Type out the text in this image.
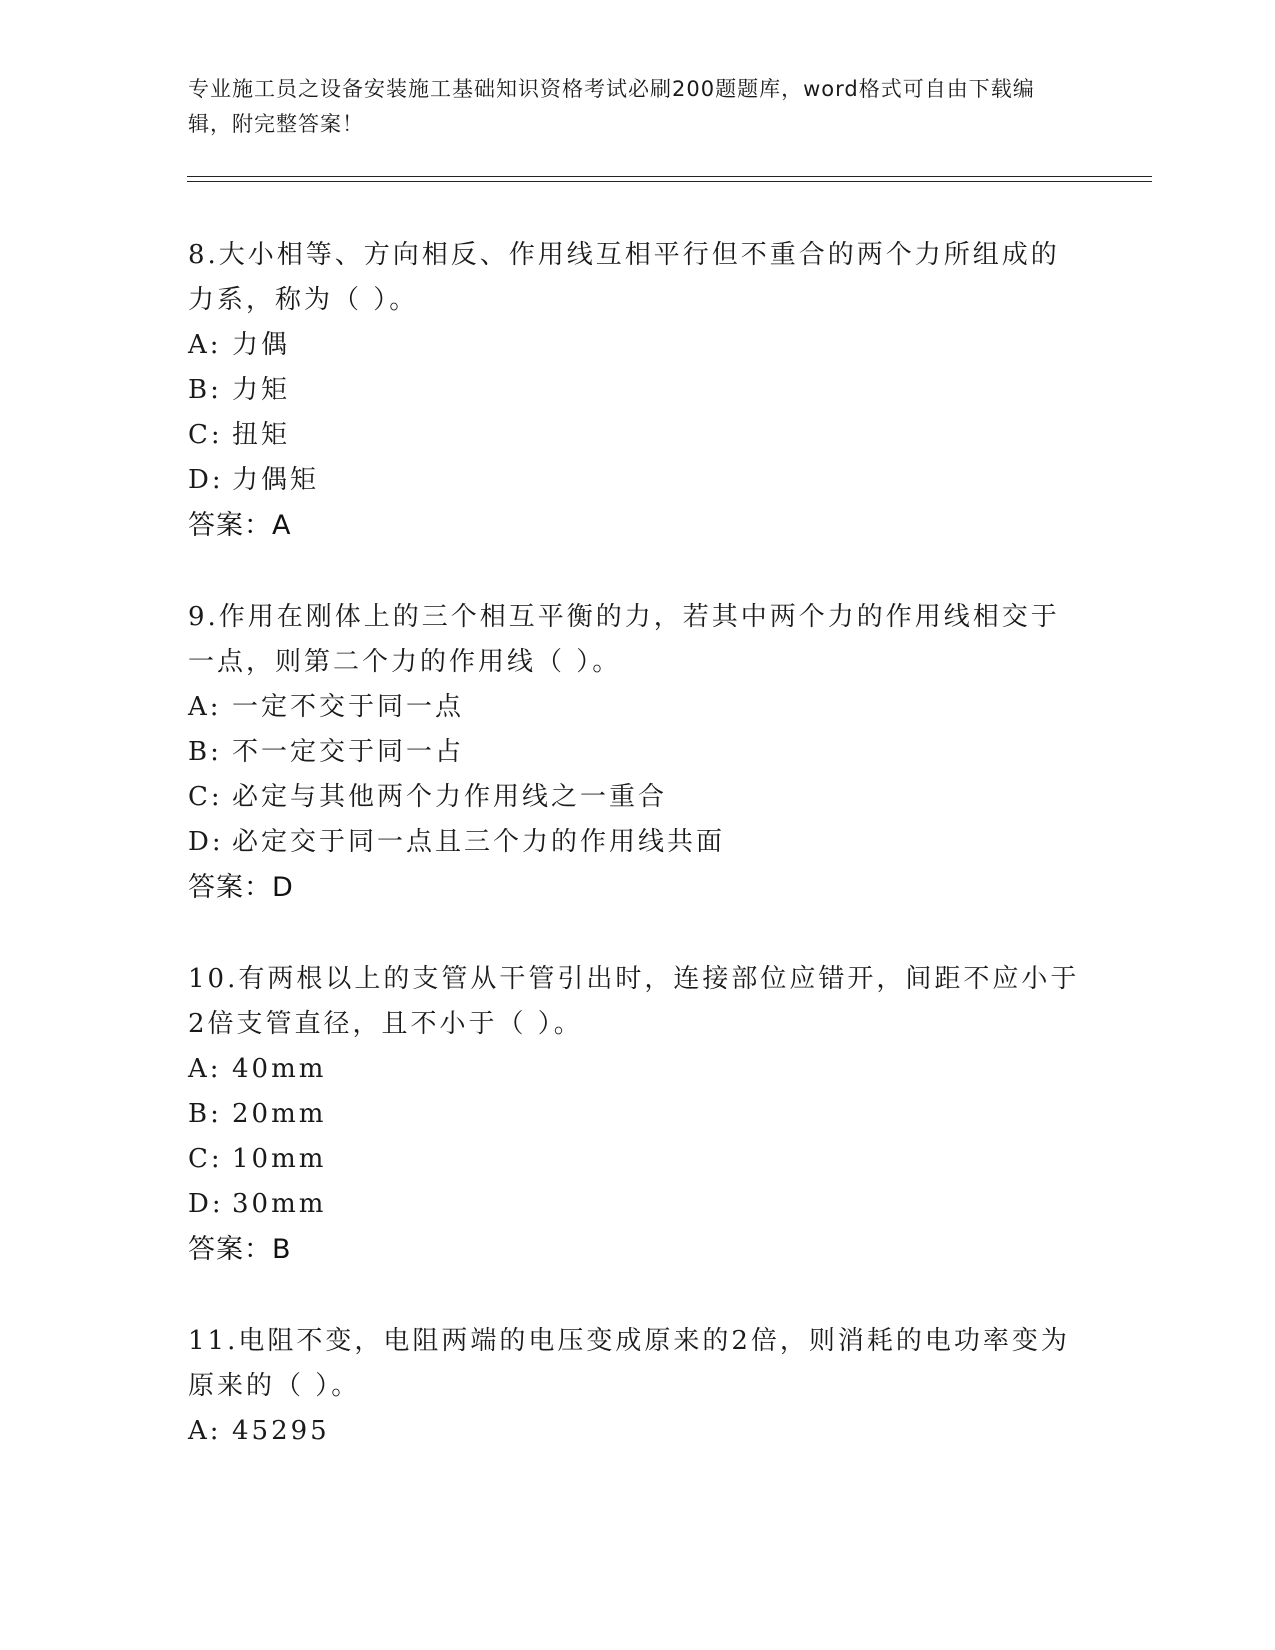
专业施工员之设备安装施工基础知识资格考试必刷200题题库，word格式可自由下载编辑，附完整答案！

8.大小相等、方向相反、作用线互相平行但不重合的两个力所组成的力系，称为（ ）。

A: 力偶

B: 力矩

C: 扭矩

D: 力偶矩

答案：A

9.作用在刚体上的三个相互平衡的力，若其中两个力的作用线相交于一点，则第二个力的作用线（ ）。

A: 一定不交于同一点

B: 不一定交于同一占

C: 必定与其他两个力作用线之一重合

D: 必定交于同一点且三个力的作用线共面

答案：D

10.有两根以上的支管从干管引出时，连接部位应错开，间距不应小于2倍支管直径，且不小于（ ）。

A: 40mm

B: 20mm

C: 10mm

D: 30mm

答案：B

11.电阻不变，电阻两端的电压变成原来的2倍，则消耗的电功率变为原来的（ ）。

A: 45295
